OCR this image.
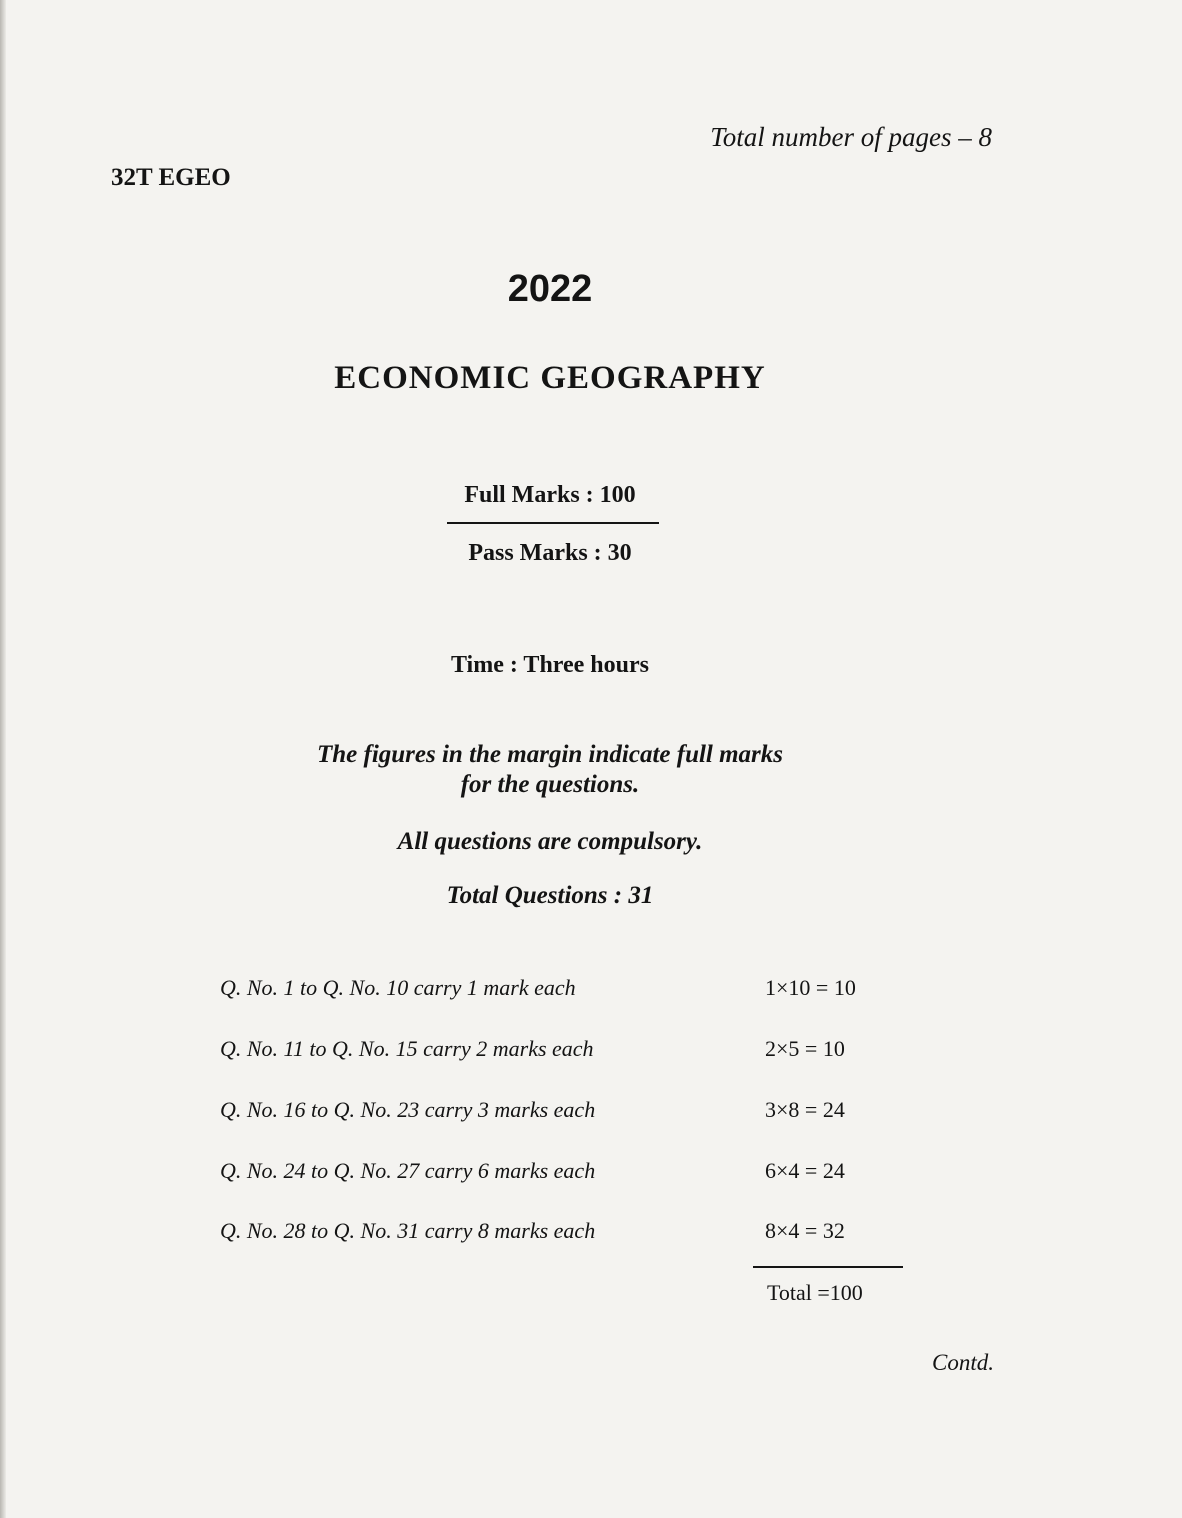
Total number of pages – 8
32T EGEO
2022
ECONOMIC GEOGRAPHY
Full Marks : 100
Pass Marks : 30
Time : Three hours
The figures in the margin indicate full marks
for the questions.
All questions are compulsory.
Total Questions : 31
Q. No. 1 to Q. No. 10 carry 1 mark each	1×10 = 10
Q. No. 11 to Q. No. 15 carry 2 marks each	2×5 = 10
Q. No. 16 to Q. No. 23 carry 3 marks each	3×8 = 24
Q. No. 24 to Q. No. 27 carry 6 marks each	6×4 = 24
Q. No. 28 to Q. No. 31 carry 8 marks each	8×4 = 32
Total =100
Contd.
